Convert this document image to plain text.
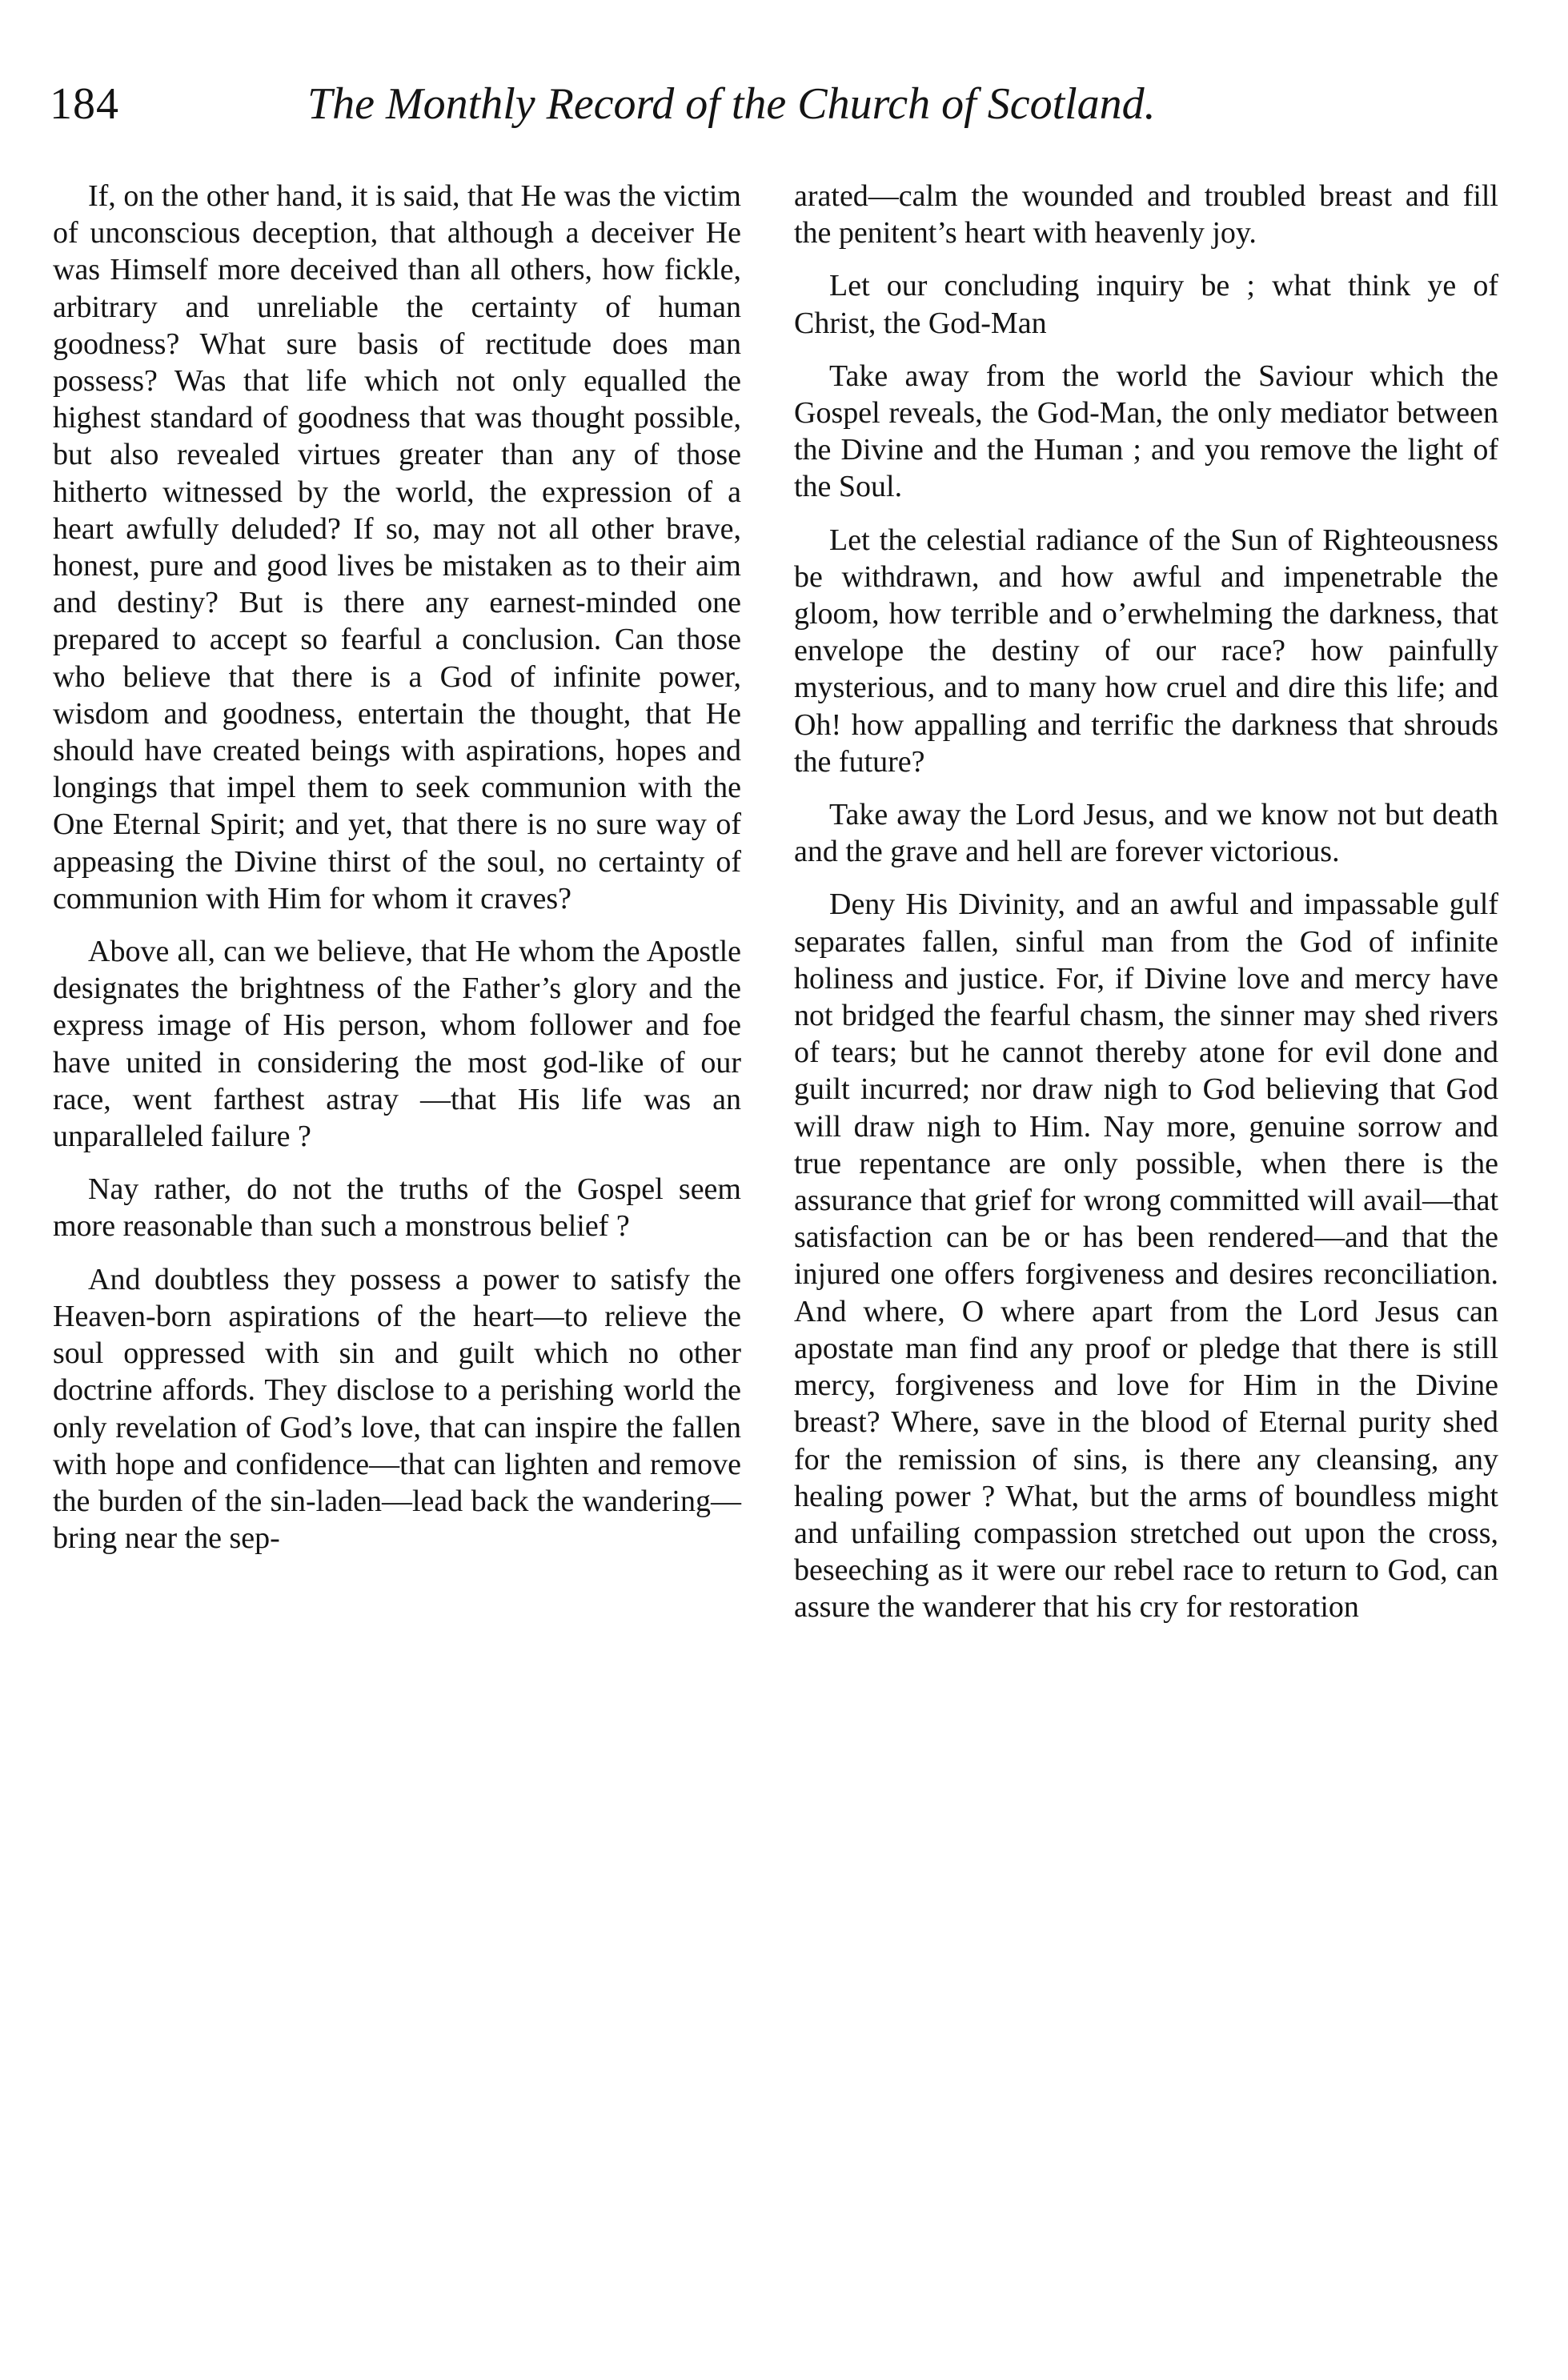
184	The Monthly Record of the Church of Scotland.

If, on the other hand, it is said, that He was the victim of unconscious deception, that although a deceiver He was Himself more deceived than all others, how fickle, arbitrary and unreliable the certainty of human goodness? What sure basis of rectitude does man possess? Was that life which not only equalled the highest standard of goodness that was thought possible, but also revealed virtues greater than any of those hitherto witnessed by the world, the expression of a heart awfully deluded? If so, may not all other brave, honest, pure and good lives be mistaken as to their aim and destiny? But is there any earnest-minded one prepared to accept so fearful a conclusion. Can those who believe that there is a God of infinite power, wisdom and goodness, entertain the thought, that He should have created beings with aspirations, hopes and longings that impel them to seek communion with the One Eternal Spirit; and yet, that there is no sure way of appeasing the Divine thirst of the soul, no certainty of communion with Him for whom it craves?

Above all, can we believe, that He whom the Apostle designates the brightness of the Father’s glory and the express image of His person, whom follower and foe have united in considering the most god-like of our race, went farthest astray —that His life was an unparalleled failure ?

Nay rather, do not the truths of the Gospel seem more reasonable than such a monstrous belief ?

And doubtless they possess a power to satisfy the Heaven-born aspirations of the heart—to relieve the soul oppressed with sin and guilt which no other doctrine affords. They disclose to a perishing world the only revelation of God’s love, that can inspire the fallen with hope and confidence—that can lighten and remove the burden of the sin-laden—lead back the wandering—bring near the sep-

arated—calm the wounded and troubled breast and fill the penitent’s heart with heavenly joy.

Let our concluding inquiry be ; what think ye of Christ, the God-Man

Take away from the world the Saviour which the Gospel reveals, the God-Man, the only mediator between the Divine and the Human ; and you remove the light of the Soul.

Let the celestial radiance of the Sun of Righteousness be withdrawn, and how awful and impenetrable the gloom, how terrible and o’erwhelming the darkness, that envelope the destiny of our race? how painfully mysterious, and to many how cruel and dire this life; and Oh! how appalling and terrific the darkness that shrouds the future?

Take away the Lord Jesus, and we know not but death and the grave and hell are forever victorious.

Deny His Divinity, and an awful and impassable gulf separates fallen, sinful man from the God of infinite holiness and justice. For, if Divine love and mercy have not bridged the fearful chasm, the sinner may shed rivers of tears; but he cannot thereby atone for evil done and guilt incurred; nor draw nigh to God believing that God will draw nigh to Him. Nay more, genuine sorrow and true repentance are only possible, when there is the assurance that grief for wrong committed will avail—that satisfaction can be or has been rendered—and that the injured one offers forgiveness and desires reconciliation. And where, O where apart from the Lord Jesus can apostate man find any proof or pledge that there is still mercy, forgiveness and love for Him in the Divine breast? Where, save in the blood of Eternal purity shed for the remission of sins, is there any cleansing, any healing power ? What, but the arms of boundless might and unfailing compassion stretched out upon the cross, beseeching as it were our rebel race to return to God, can assure the wanderer that his cry for restoration
